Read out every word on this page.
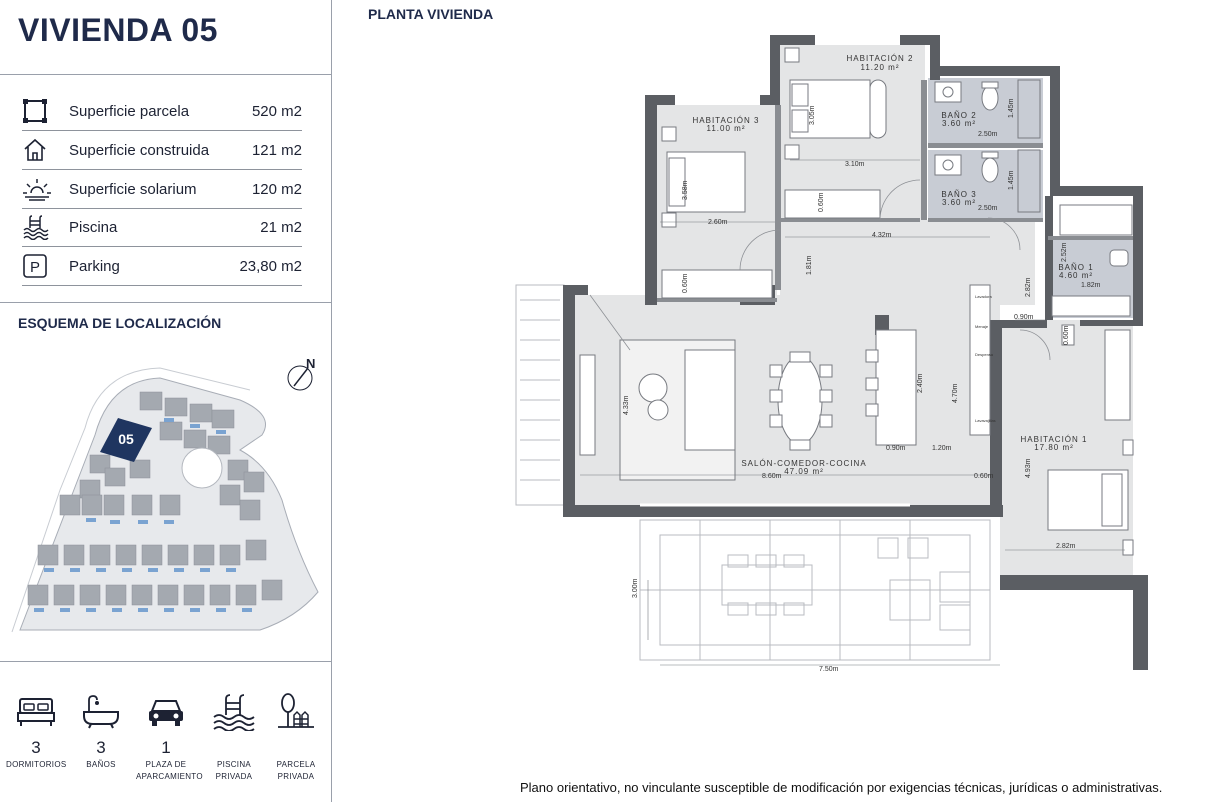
VIVIENDA 05
Superficie parcela	520 m2
Superficie construida	121 m2
Superficie solarium	120 m2
Piscina	21 m2
P Parking	23,80 m2
ESQUEMA DE LOCALIZACIÓN
05
N
3
DORMITORIOS
3
BAÑOS
1
PLAZA DE
APARCAMIENTO
PISCINA
PRIVADA
PARCELA
PRIVADA
PLANTA VIVIENDA
3.05m
3.10m
2.50m
1.45m
2.50m
1.45m
3.58m
2.60m
0.60m
4.32m
1.81m
0.60m
2.52m
1.82m
2.82m
0.90m
0.60m
4.33m
2.40m
0.90m	1.20m
4.70m
8.60m	0.60m	4.93m
2.82m
3.00m
7.50m
Lavadora
Menaje
Despensa
Lavavajillas
HABITACIÓN 2
11.20 m²
HABITACIÓN 3
11.00 m²
BAÑO 2
3.60 m²
BAÑO 3
3.60 m²
BAÑO 1
4.60 m²
SALÓN-COMEDOR-COCINA
47.09 m²
HABITACIÓN 1
17.80 m²
Plano orientativo, no vinculante susceptible de modificación por exigencias técnicas, jurídicas o administrativas.
